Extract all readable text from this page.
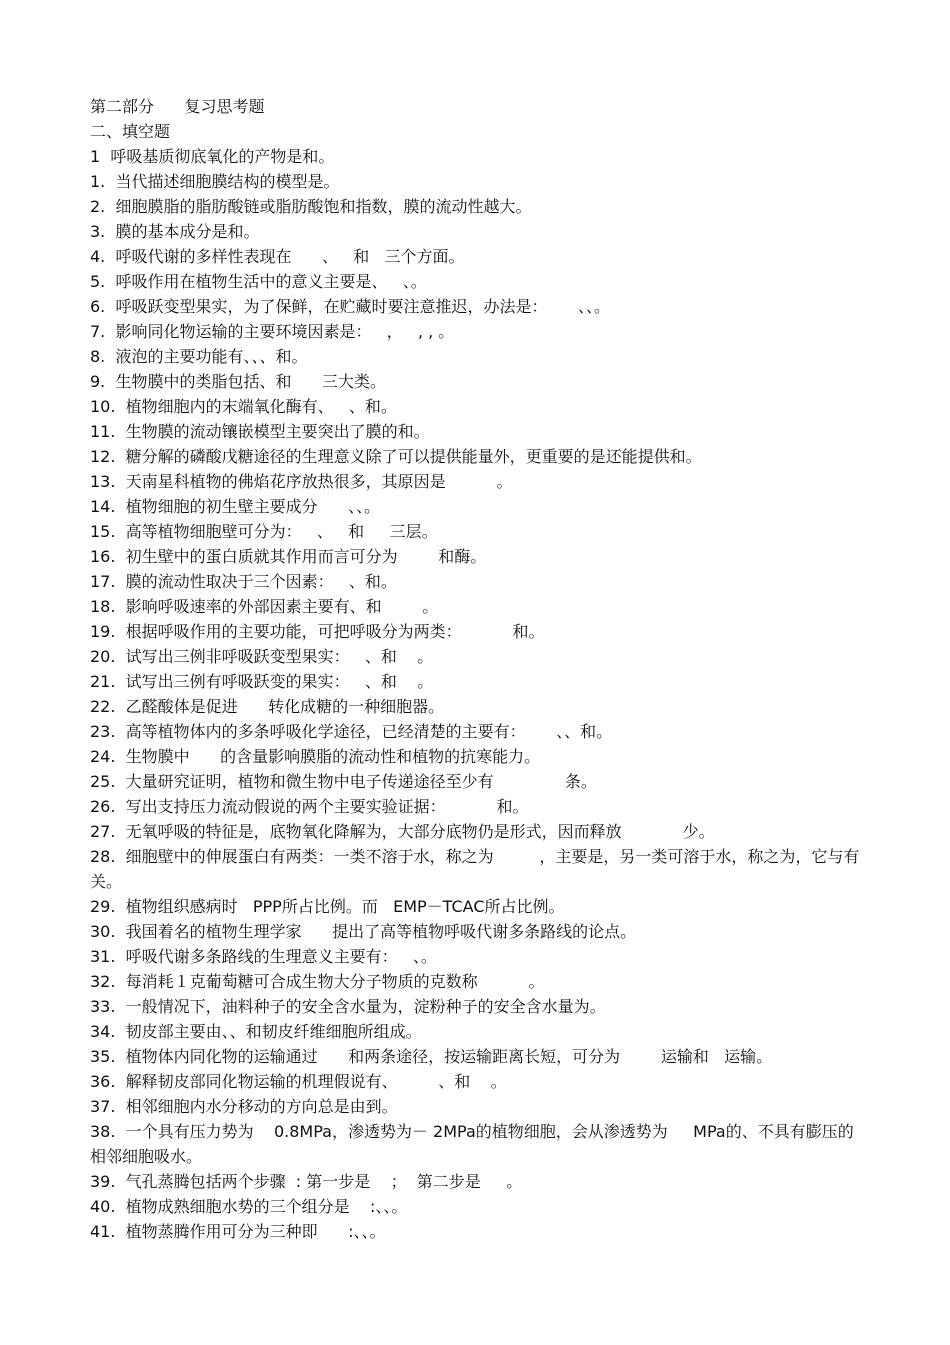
第二部分      复习思考题
二、填空题
1  呼吸基质彻底氧化的产物是和。
1.  当代描述细胞膜结构的模型是。
2.  细胞膜脂的脂肪酸链或脂肪酸饱和指数，膜的流动性越大。
3.  膜的基本成分是和。
4.  呼吸代谢的多样性表现在      、   和   三个方面。
5.  呼吸作用在植物生活中的意义主要是、   、。
6.  呼吸跃变型果实，为了保鲜，在贮藏时要注意推迟，办法是：      、、。
7.  影响同化物运输的主要环境因素是：   ，   , , 。
8.  液泡的主要功能有、、、和。
9.  生物膜中的类脂包括、和      三大类。
10.  植物细胞内的末端氧化酶有、   、和。
11.  生物膜的流动镶嵌模型主要突出了膜的和。
12.  糖分解的磷酸戊糖途径的生理意义除了可以提供能量外，更重要的是还能提供和。
13.  天南星科植物的佛焰花序放热很多，其原因是          。
14.  植物细胞的初生壁主要成分      、、。
15.  高等植物细胞壁可分为：   、   和     三层。
16.  初生壁中的蛋白质就其作用而言可分为        和酶。
17.  膜的流动性取决于三个因素：   、和。
18.  影响呼吸速率的外部因素主要有、和        。
19.  根据呼吸作用的主要功能，可把呼吸分为两类：          和。
20.  试写出三例非呼吸跃变型果实：   、和    。
21.  试写出三例有呼吸跃变的果实：   、和    。
22.  乙醛酸体是促进      转化成糖的一种细胞器。
23.  高等植物体内的多条呼吸化学途径，已经清楚的主要有：      、、和。
24.  生物膜中      的含量影响膜脂的流动性和植物的抗寒能力。
25.  大量研究证明，植物和微生物中电子传递途径至少有              条。
26.  写出支持压力流动假说的两个主要实验证据：          和。
27.  无氧呼吸的特征是，底物氧化降解为，大部分底物仍是形式，因而释放            少。
28.  细胞壁中的伸展蛋白有两类：一类不溶于水，称之为         ，主要是，另一类可溶于水，称之为，它与有关。
29.  植物组织感病时   PPP所占比例。而   EMP－TCAC所占比例。
30.  我国着名的植物生理学家      提出了高等植物呼吸代谢多条路线的论点。
31.  呼吸代谢多条路线的生理意义主要有：   、。
32.  每消耗１克葡萄糖可合成生物大分子物质的克数称          。
33.  一般情况下，油料种子的安全含水量为，淀粉种子的安全含水量为。
34.  韧皮部主要由、、和韧皮纤维细胞所组成。
35.  植物体内同化物的运输通过      和两条途径，按运输距离长短，可分为        运输和   运输。
36.  解释韧皮部同化物运输的机理假说有、        、和    。
37.  相邻细胞内水分移动的方向总是由到。
38.  一个具有压力势为    0.8MPa，渗透势为－ 2MPa的植物细胞，会从渗透势为     MPa的、不具有膨压的相邻细胞吸水。
39.  气孔蒸腾包括两个步骤  : 第一步是    ；  第二步是     。
40.  植物成熟细胞水势的三个组分是    :、、。
41.  植物蒸腾作用可分为三种即      :、、。
